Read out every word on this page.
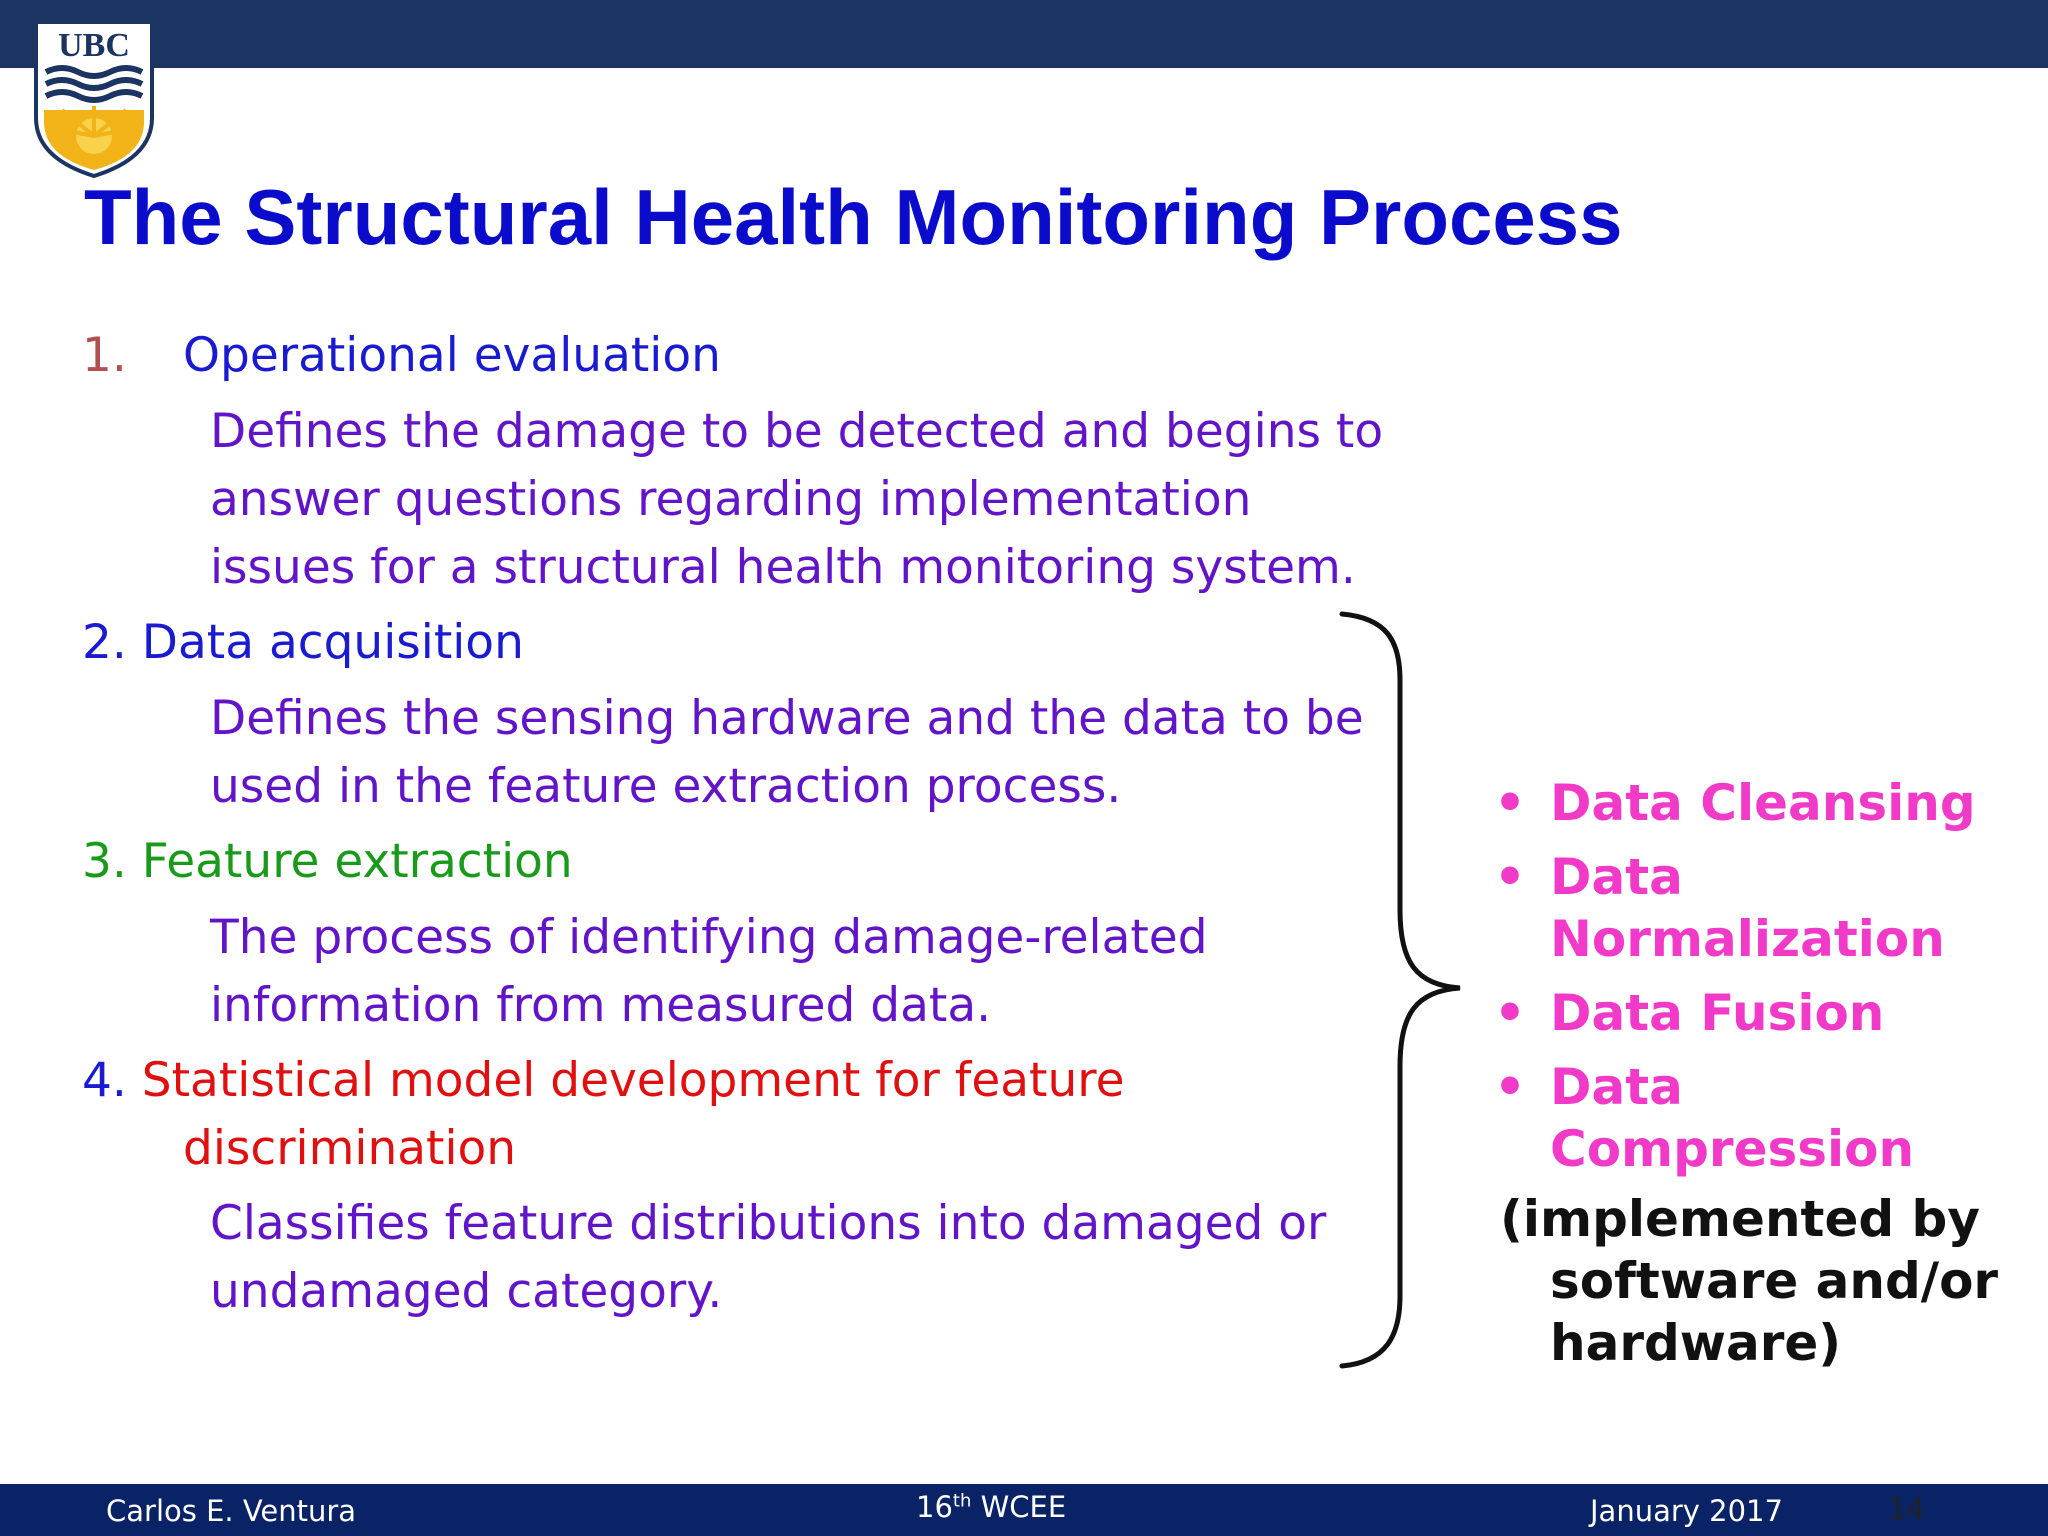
UBC
The Structural Health Monitoring Process
1. Operational evaluation
Defines the damage to be detected and begins to
answer questions regarding implementation
issues for a structural health monitoring system.
2. Data acquisition
Defines the sensing hardware and the data to be
used in the feature extraction process.
3. Feature extraction
The process of identifying damage-related
information from measured data.
4. Statistical model development for feature
discrimination
Classifies feature distributions into damaged or
undamaged category.
• Data Cleansing
• Data Normalization
• Data Fusion
• Data Compression
(implemented by software and/or hardware)
Carlos E. Ventura	16th WCEE	January 2017	14
